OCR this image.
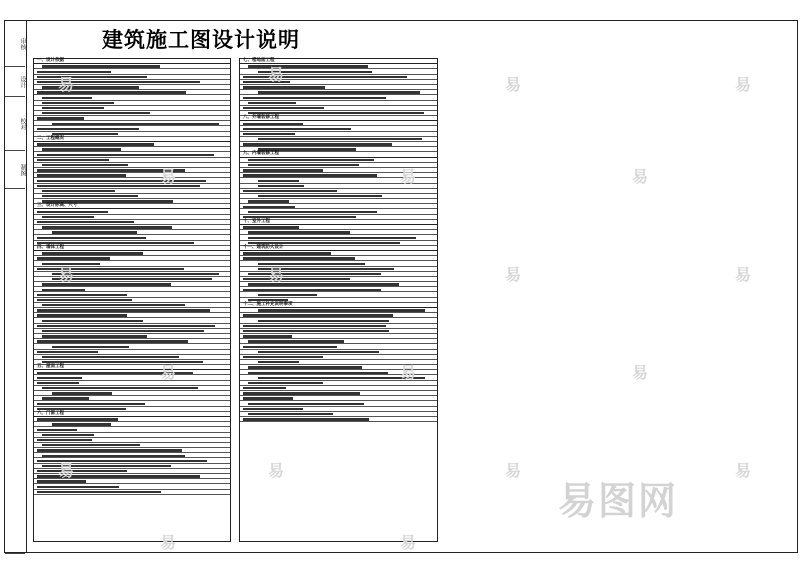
审核
设计
校对
制图
建筑施工图设计说明
一、设计依据
二、工程概况
三、设计标高、尺寸
四、墙体工程
五、屋面工程
六、门窗工程
七、楼地面工程
八、外墙装修工程
九、内墙装修工程
十、室外工程
十一、建筑防火设计
十二、施工补充说明事项
易
易
易	易
易	易	易
易	易	易	易
易	易	易
易	易	易	易
易	易
易图网
